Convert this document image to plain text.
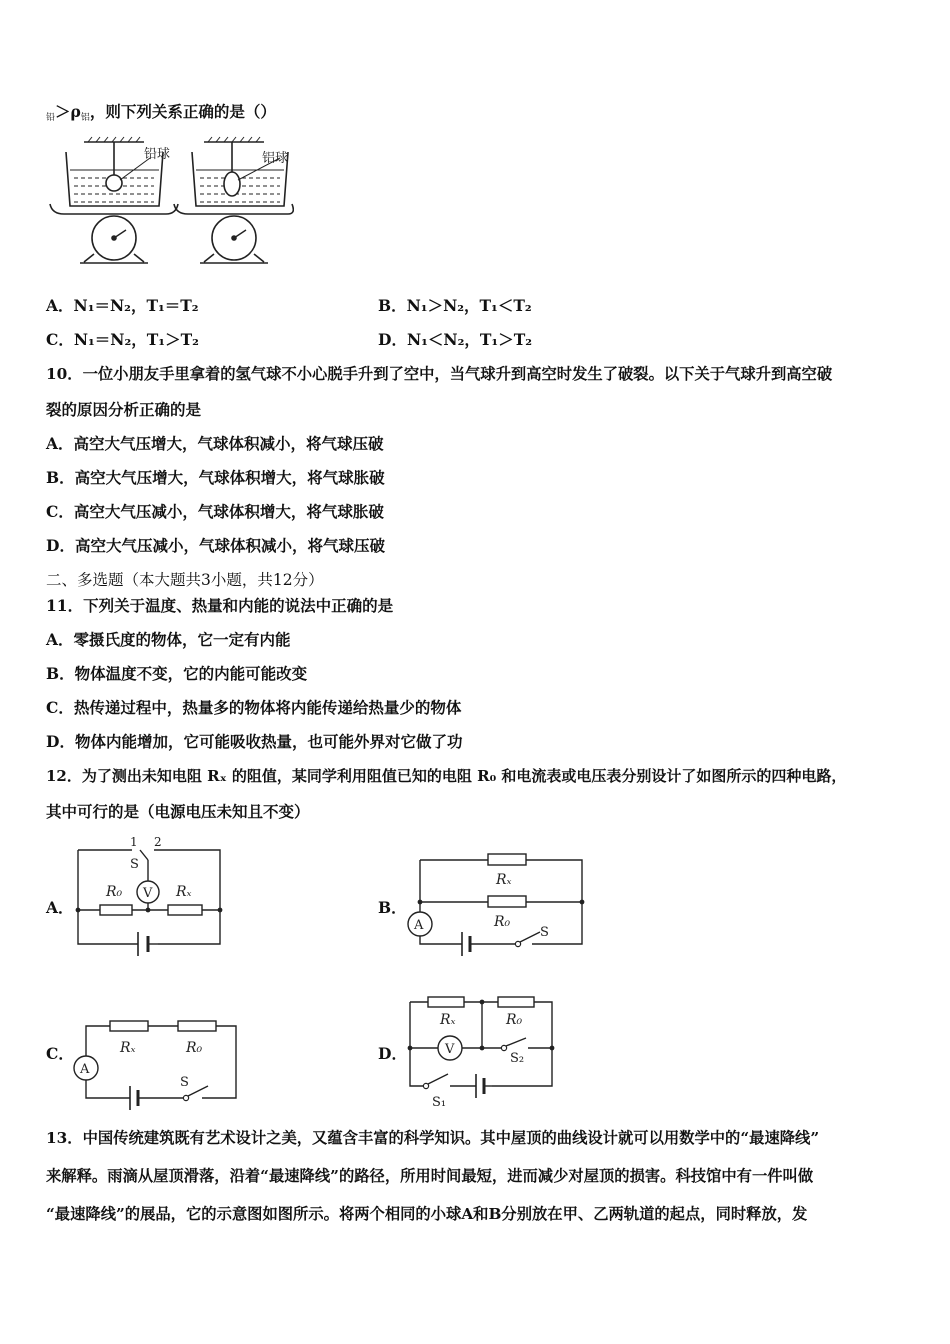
$_铅>\rho_铝$，则下列关系正确的是（）
铅球	铝球
A．N₁＝N₂，T₁＝T₂	B．N₁＞N₂，T₁＜T₂
C．N₁＝N₂，T₁＞T₂	D．N₁＜N₂，T₁＞T₂
10．一位小朋友手里拿着的氢气球不小心脱手升到了空中，当气球升到高空时发生了破裂。以下关于气球升到高空破
裂的原因分析正确的是
A．高空大气压增大，气球体积减小，将气球压破
B．高空大气压增大，气球体积增大，将气球胀破
C．高空大气压减小，气球体积增大，将气球胀破
D．高空大气压减小，气球体积减小，将气球压破
二、多选题（本大题共3小题，共12分）
11．下列关于温度、热量和内能的说法中正确的是
A．零摄氏度的物体，它一定有内能
B．物体温度不变，它的内能可能改变
C．热传递过程中，热量多的物体将内能传递给热量少的物体
D．物体内能增加，它可能吸收热量，也可能外界对它做了功
12．为了测出未知电阻 Rₓ 的阻值，某同学利用阻值已知的电阻 R₀ 和电流表或电压表分别设计了如图所示的四种电路，
其中可行的是（电源电压未知且不变）
A．
1 2
S
V
R₀	Rₓ
B．
Rₓ
R₀
A	S
C．	Rₓ	R₀
A
S
D．
Rₓ	R₀
V
S₂
S₁
13．中国传统建筑既有艺术设计之美，又蕴含丰富的科学知识。其中屋顶的曲线设计就可以用数学中的“最速降线”
来解释。雨滴从屋顶滑落，沿着“最速降线”的路径，所用时间最短，进而减少对屋顶的损害。科技馆中有一件叫做
“最速降线”的展品，它的示意图如图所示。将两个相同的小球A和B分别放在甲、乙两轨道的起点，同时释放，发
